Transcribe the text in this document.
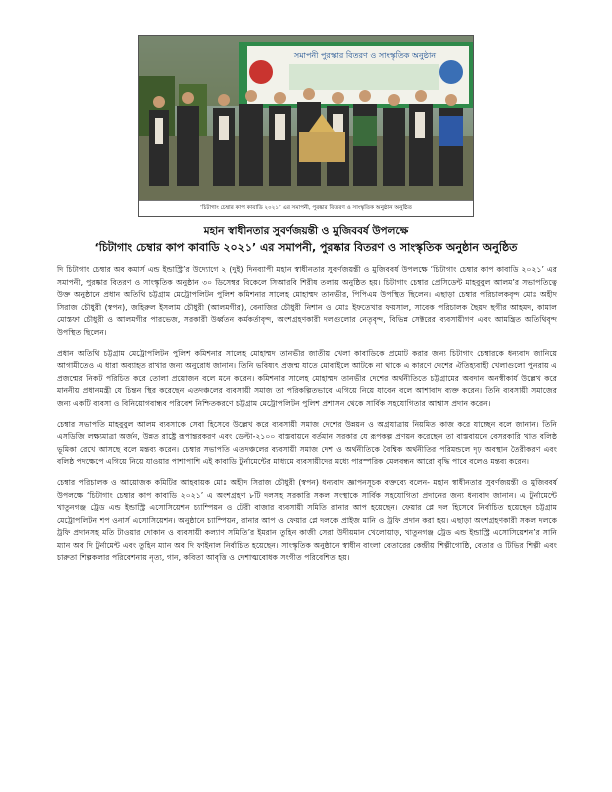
সমাপনী পুরস্কার বিতরণ ও সাংস্কৃতিক অনুষ্ঠান
‘চিটাগাং চেম্বার কাপ কাবাডি ২০২১’ এর সমাপনী, পুরষ্কার বিতরণ ও সাংস্কৃতিক অনুষ্ঠান অনুষ্ঠিত
মহান স্বাধীনতার সুবর্ণজয়ন্তী ও মুজিববর্ষ উপলক্ষে
‘চিটাগাং চেম্বার কাপ কাবাডি ২০২১’ এর সমাপনী, পুরষ্কার বিতরণ ও সাংস্কৃতিক অনুষ্ঠান অনুষ্ঠিত

দি চিটাগাং চেম্বার অব কমার্স এন্ড ইন্ডাস্ট্রি’র উদ্যোগে ২ (দুই) দিনব্যাপী মহান স্বাধীনতার সুবর্ণজয়ন্তী ও মুজিববর্ষ উপলক্ষে ‘চিটাগাং চেম্বার কাপ কাবাডি ২০২১’ এর সমাপনী, পুরষ্কার বিতরণ ও সাংস্কৃতিক অনুষ্ঠান ৩০ ডিসেম্বর বিকেলে সিআরবি শিরীষ তলায় অনুষ্ঠিত হয়। চিটাগাং চেম্বার প্রেসিডেন্ট মাহবুবুল আলম’র সভাপতিত্বে উক্ত অনুষ্ঠানে প্রধান অতিথি চট্টগ্রাম মেট্রোপলিটন পুলিশ কমিশনার সালেহ মোহাম্মদ তানভীর, পিপিএম উপস্থিত ছিলেন। এছাড়া চেম্বার পরিচালকবৃন্দ মোঃ অহীদ সিরাজ চৌধুরী (স্বপন), জহিরুল ইসলাম চৌধুরী (আলমগীর), বেনাজির চৌধুরী নিশান ও মোঃ ইফতেখার ফয়সাল, সাবেক পরিচালক ছৈয়দ ছগীর আহমদ, কামাল মোস্তফা চৌধুরী ও আলমগীর পারভেজ, সরকারী উর্ধ্বতন কর্মকর্তাবৃন্দ, অংশগ্রহণকারী দলগুলোর নেতৃবৃন্দ, বিভিন্ন সেক্টরের ব্যবসায়ীগণ এবং আমন্ত্রিত অতিথিবৃন্দ উপস্থিত ছিলেন।

প্রধান অতিথি চট্টগ্রাম মেট্রোপলিটন পুলিশ কমিশনার সালেহ মোহাম্মদ তানভীর জাতীয় খেলা কাবাডিকে প্রমোট করার জন্য চিটাগাং চেম্বারকে ধন্যবাদ জানিয়ে আগামীতেও এ ধারা অব্যাহত রাখার জন্য অনুরোধ জানান। তিনি ভবিষ্যৎ প্রজন্ম যাতে মোবাইলে আটকে না থাকে এ কারণে দেশের ঐতিহ্যবাহী খেলাগুলো পুনরায় এ প্রজন্মের নিকট পরিচিত করে তোলা প্রয়োজন বলে মনে করেন। কমিশনার সালেহ মোহাম্মদ তানভীর দেশের অর্থনীতিতে চট্টগ্রামের অবদান অনস্বীকার্য উল্লেখ করে মাননীয় প্রধানমন্ত্রী যে চিন্তন স্থির করেছেন এতদঞ্চলের ব্যবসায়ী সমাজ তা পরিকল্পিতভাবে এগিয়ে নিয়ে যাবেন বলে আশাবাদ ব্যক্ত করেন। তিনি ব্যবসায়ী সমাজের জন্য একটি ব্যবসা ও বিনিয়োগবান্ধব পরিবেশ নিশ্চিতকরণে চট্টগ্রাম মেট্রোপলিটন পুলিশ প্রশাসন থেকে সার্বিক সহযোগিতার আশ্বাস প্রদান করেন।

চেম্বার সভাপতি মাহবুবুল আলম ব্যবসাকে সেবা হিসেবে উল্লেখ করে ব্যবসায়ী সমাজ দেশের উন্নয়ন ও অগ্রযাত্রায় নিয়মিত কাজ করে যাচ্ছেন বলে জানান। তিনি এসডিজি লক্ষ্যমাত্রা অর্জন, উন্নত রাষ্ট্রে রূপান্তরকরণ এবং ডেল্টা-২১০০ বাস্তবায়নে বর্তমান সরকার যে রূপকল্প প্রণয়ন করেছেন তা বাস্তবায়নে বেসরকারি খাত বলিষ্ঠ ভূমিকা রেখে আসছে বলে মন্তব্য করেন। চেম্বার সভাপতি এতদঞ্চলের ব্যবসায়ী সমাজ দেশ ও অর্থনীতিকে বৈশ্বিক অর্থনীতির পরিমন্ডলে দৃঢ় অবস্থান তৈরীকরণ এবং বলিষ্ঠ পদক্ষেপে এগিয়ে নিয়ে যাওয়ার পাশাপাশি এই কাবাডি টুর্নামেন্টের মাধ্যমে ব্যবসায়ীদের মধ্যে পারস্পরিক মেলবন্ধন আরো বৃদ্ধি পাবে বলেও মন্তব্য করেন।

চেম্বার পরিচালক ও আয়োজক কমিটির আহবায়ক মোঃ অহীদ সিরাজ চৌধুরী (স্বপন) ধন্যবাদ জ্ঞাপনসূচক বক্তব্যে বলেন- মহান স্বাধীনতার সুবর্ণজয়ন্তী ও মুজিববর্ষ উপলক্ষে ‘চিটাগাং চেম্বার কাপ কাবাডি ২০২১’ এ অংশগ্রহণ ৮টি দলসহ সরকারি সকল সংস্থাকে সার্বিক সহযোগিতা প্রদানের জন্য ধন্যবাদ জানান। এ টুর্নামেন্টে খাতুনগঞ্জ ট্রেড এন্ড ইন্ডাস্ট্রি এসোসিয়েশন চ্যাম্পিয়ন ও টেরী বাজার ব্যবসায়ী সমিতি রানার আপ হয়েছেন। ফেয়ার প্লে দল হিসেবে নির্বাচিত হয়েছেন চট্টগ্রাম মেট্রোপলিটন শপ ওনার্স এসোসিয়েশন। অনুষ্ঠানে চ্যাম্পিয়ন, রানার আপ ও ফেয়ার প্লে দলকে প্রাইজ মানি ও ট্রফি প্রদান করা হয়। এছাড়া অংশগ্রহণকারী সকল দলকে ট্রফি প্রদানসহ মতি টাওয়ার দোকান ও ব্যবসায়ী কল্যাণ সমিতি’র ইমরান তুহিন কাজী সেরা উদীয়মান খেলোয়াড়, খাতুনগঞ্জ ট্রেড এন্ড ইন্ডাস্ট্রি এসোসিয়েশন’র সানি ম্যান অব দি টুর্নামেন্ট এবং তুহিন ম্যান অব দি ফাইনাল নির্বাচিত হয়েছেন। সাংস্কৃতিক অনুষ্ঠানে স্বাধীন বাংলা বেতারের কেন্দ্রীয় শিল্পীগোষ্ঠি, বেতার ও টিভির শিল্পী এবং চারুতা শিল্পকলার পরিবেশনায় নৃত্য, গান, কবিতা আবৃত্তি ও দেশাত্মবোধক সংগীত পরিবেশিত হয়।
